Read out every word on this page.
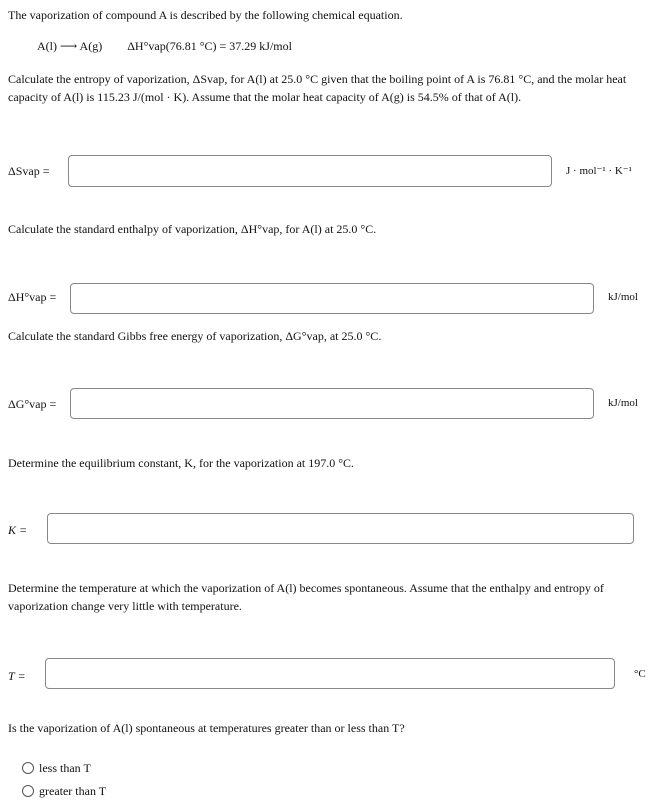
The vaporization of compound A is described by the following chemical equation.
A(l) ⟶ A(g) ΔH°vap(76.81 °C) = 37.29 kJ/mol
Calculate the entropy of vaporization, ΔSvap, for A(l) at 25.0 °C given that the boiling point of A is 76.81 °C, and the molar heat capacity of A(l) is 115.23 J/(mol · K). Assume that the molar heat capacity of A(g) is 54.5% of that of A(l).
ΔSvap =	J · mol⁻¹ · K⁻¹
Calculate the standard enthalpy of vaporization, ΔH°vap, for A(l) at 25.0 °C.
ΔH°vap =	kJ/mol
Calculate the standard Gibbs free energy of vaporization, ΔG°vap, at 25.0 °C.
ΔG°vap =	kJ/mol
Determine the equilibrium constant, K, for the vaporization at 197.0 °C.
K =
Determine the temperature at which the vaporization of A(l) becomes spontaneous. Assume that the enthalpy and entropy of vaporization change very little with temperature.
T =	°C
Is the vaporization of A(l) spontaneous at temperatures greater than or less than T?
less than T
greater than T
